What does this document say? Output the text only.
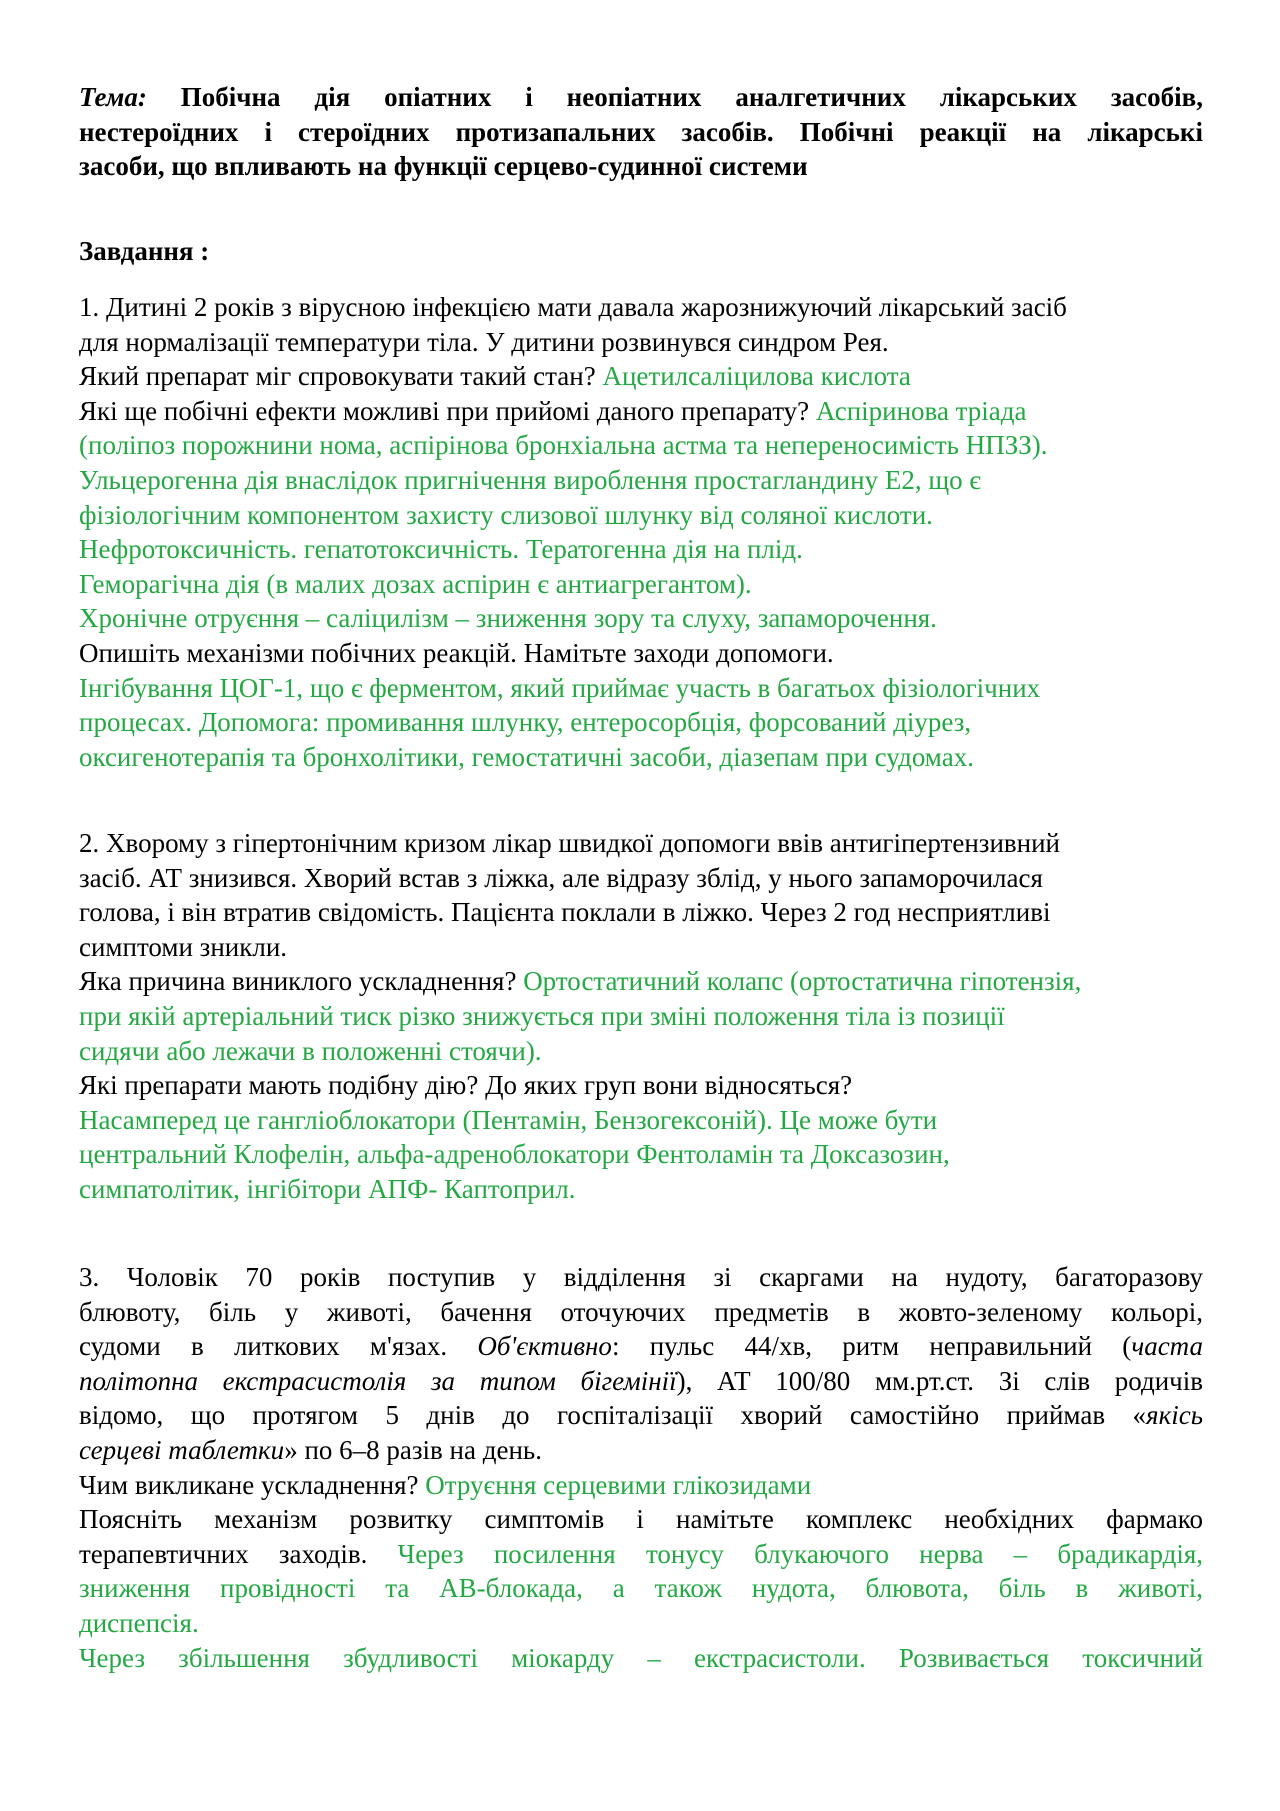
Тема: Побічна дія опіатних і неопіатних аналгетичних лікарських засобів,
нестероїдних і стероїдних протизапальних засобів. Побічні реакції на лікарські
засоби, що впливають на функції серцево-судинної системи
Завдання :
1. Дитині 2 років з вірусною інфекцією мати давала жарознижуючий лікарський засіб
для нормалізації температури тіла. У дитини розвинувся синдром Рея.
Який препарат міг спровокувати такий стан? Ацетилсаліцилова кислота
Які ще побічні ефекти можливі при прийомі даного препарату? Аспіринова тріада
(поліпоз порожнини нома, аспірінова бронхіальна астма та непереносимість НПЗЗ).
Ульцерогенна дія внаслідок пригнічення вироблення простагландину Е2, що є
фізіологічним компонентом захисту слизової шлунку від соляної кислоти.
Нефротоксичність. гепатотоксичність. Тератогенна дія на плід.
Геморагічна дія (в малих дозах аспірин є антиагрегантом).
Хронічне отруєння – саліцилізм – зниження зору та слуху, запаморочення.
Опишіть механізми побічних реакцій. Намітьте заходи допомоги.
Інгібування ЦОГ-1, що є ферментом, який приймає участь в багатьох фізіологічних
процесах. Допомога: промивання шлунку, ентеросорбція, форсований діурез,
оксигенотерапія та бронхолітики, гемостатичні засоби, діазепам при судомах.
2. Хворому з гіпертонічним кризом лікар швидкої допомоги ввів антигіпертензивний
засіб. АТ знизився. Хворий встав з ліжка, але відразу зблід, у нього запаморочилася
голова, і він втратив свідомість. Пацієнта поклали в ліжко. Через 2 год несприятливі
симптоми зникли.
Яка причина виниклого ускладнення? Ортостатичний колапс (ортостатична гіпотензія,
при якій артеріальний тиск різко знижується при зміні положення тіла із позиції
сидячи або лежачи в положенні стоячи).
Які препарати мають подібну дію? До яких груп вони відносяться?
Насамперед це гангліоблокатори (Пентамін, Бензогексоній). Це може бути
центральний Клофелін, альфа-адреноблокатори Фентоламін та Доксазозин,
симпатолітик, інгібітори АПФ- Каптоприл.
3. Чоловік 70 років поступив у відділення зі скаргами на нудоту, багаторазову
блювоту, біль у животі, бачення оточуючих предметів в жовто-зеленому кольорі,
судоми в литкових м'язах. Об'єктивно: пульс 44/хв, ритм неправильний (часта
політопна екстрасистолія за типом бігемінії), АТ 100/80 мм.рт.ст. Зі слів родичів
відомо, що протягом 5 днів до госпіталізації хворий самостійно приймав «якісь
серцеві таблетки» по 6–8 разів на день.
Чим викликане ускладнення? Отруєння серцевими глікозидами
Поясніть механізм розвитку симптомів і намітьте комплекс необхідних фармако
терапевтичних заходів. Через посилення тонусу блукаючого нерва – брадикардія,
зниження провідності та АВ-блокада, а також нудота, блювота, біль в животі,
диспепсія.
Через збільшення збудливості міокарду – екстрасистоли. Розвивається токсичний
